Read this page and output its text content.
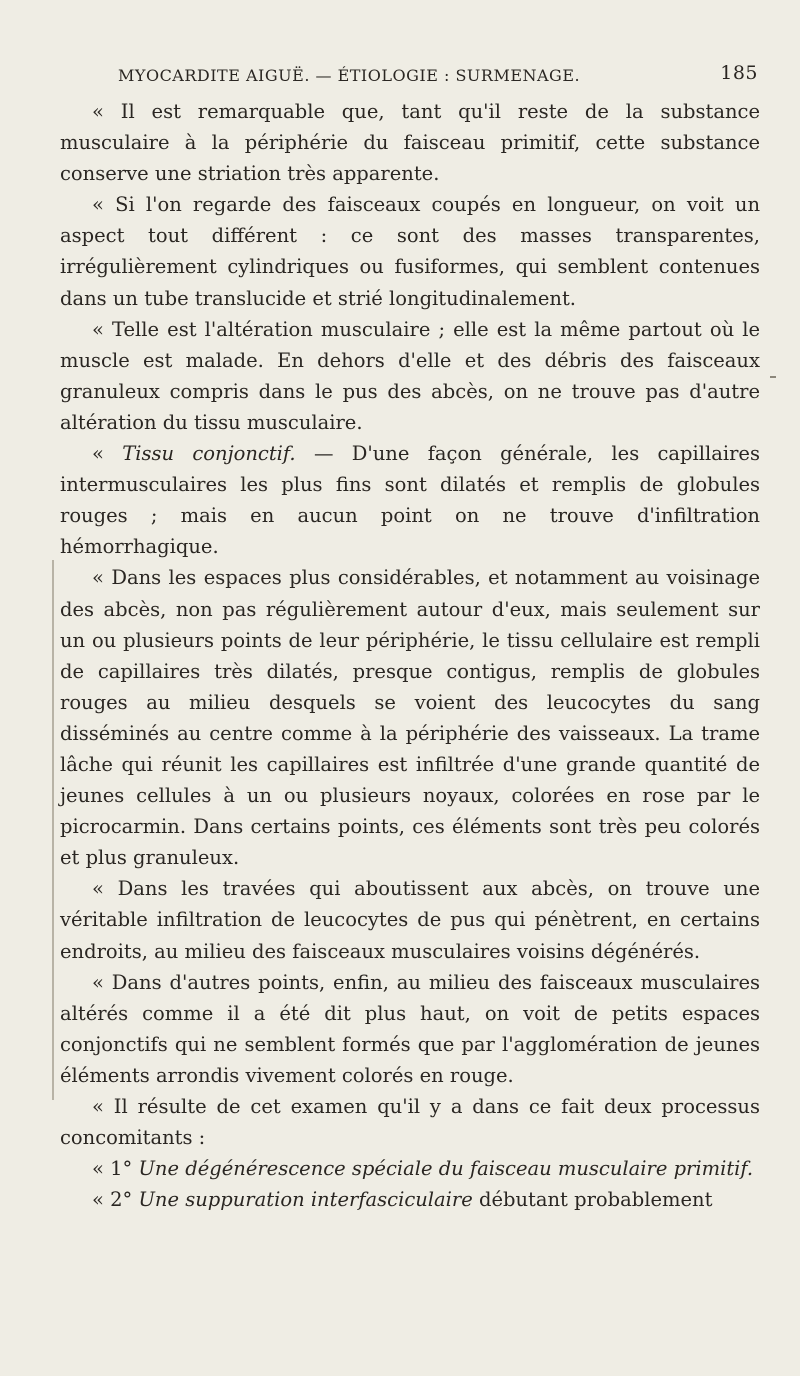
MYOCARDITE AIGUË. — ÉTIOLOGIE : SURMENAGE.	185

« Il est remarquable que, tant qu'il reste de la substance musculaire à la périphérie du faisceau primitif, cette substance conserve une striation très apparente.

« Si l'on regarde des faisceaux coupés en longueur, on voit un aspect tout différent : ce sont des masses transparentes, irrégulièrement cylindriques ou fusiformes, qui semblent contenues dans un tube translucide et strié longitudinalement.

« Telle est l'altération musculaire ; elle est la même partout où le muscle est malade. En dehors d'elle et des débris des faisceaux granuleux compris dans le pus des abcès, on ne trouve pas d'autre altération du tissu musculaire.

« Tissu conjonctif. — D'une façon générale, les capillaires intermusculaires les plus fins sont dilatés et remplis de globules rouges ; mais en aucun point on ne trouve d'infiltration hémorrhagique.

« Dans les espaces plus considérables, et notamment au voisinage des abcès, non pas régulièrement autour d'eux, mais seulement sur un ou plusieurs points de leur périphérie, le tissu cellulaire est rempli de capillaires très dilatés, presque contigus, remplis de globules rouges au milieu desquels se voient des leucocytes du sang disséminés au centre comme à la périphérie des vaisseaux. La trame lâche qui réunit les capillaires est infiltrée d'une grande quantité de jeunes cellules à un ou plusieurs noyaux, colorées en rose par le picrocarmin. Dans certains points, ces éléments sont très peu colorés et plus granuleux.

« Dans les travées qui aboutissent aux abcès, on trouve une véritable infiltration de leucocytes de pus qui pénètrent, en certains endroits, au milieu des faisceaux musculaires voisins dégénérés.

« Dans d'autres points, enfin, au milieu des faisceaux musculaires altérés comme il a été dit plus haut, on voit de petits espaces conjonctifs qui ne semblent formés que par l'agglomération de jeunes éléments arrondis vivement colorés en rouge.

« Il résulte de cet examen qu'il y a dans ce fait deux processus concomitants :

« 1° Une dégénérescence spéciale du faisceau musculaire primitif.

« 2° Une suppuration interfasciculaire débutant probablement
